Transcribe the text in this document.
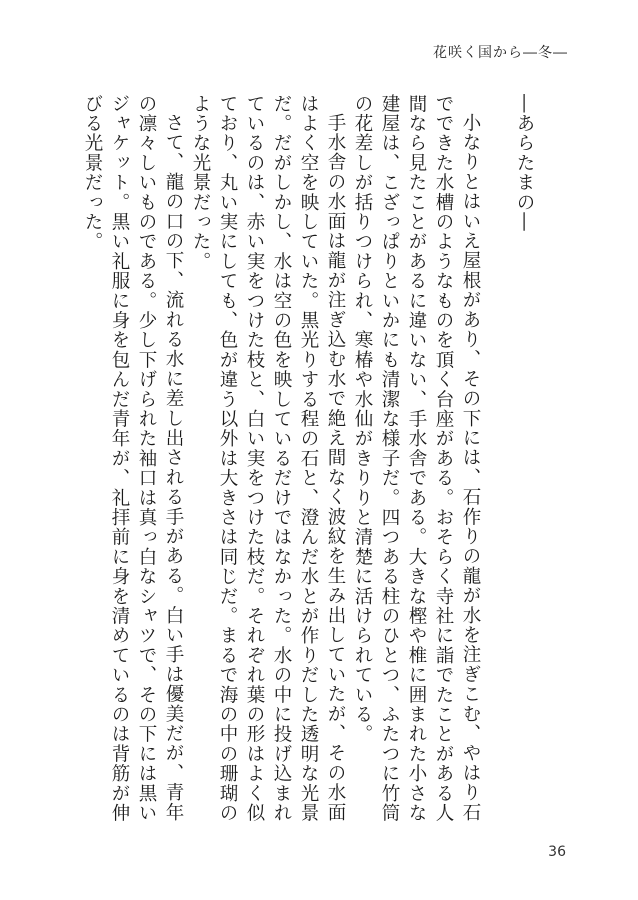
花咲く国から―冬―

―あらたまの―

小なりとはいえ屋根があり、その下には、石作りの龍が水を注ぎこむ、やはり石でできた水槽のようなものを頂く台座がある。おそらく寺社に詣でたことがある人間なら見たことがあるに違いない、手水舎である。大きな樫や椎に囲まれた小さな建屋は、こざっぱりといかにも清潔な様子だ。四つある柱のひとつ、ふたつに竹筒の花差しが括りつけられ、寒椿や水仙がきりりと清楚に活けられている。

手水舎の水面は龍が注ぎ込む水で絶え間なく波紋を生み出していたが、その水面はよく空を映していた。黒光りする程の石と、澄んだ水とが作りだした透明な光景だ。だがしかし、水は空の色を映しているだけではなかった。水の中に投げ込まれているのは、赤い実をつけた枝と、白い実をつけた枝だ。それぞれ葉の形はよく似ており、丸い実にしても、色が違う以外は大きさは同じだ。まるで海の中の珊瑚のような光景だった。

さて、龍の口の下、流れる水に差し出される手がある。白い手は優美だが、青年の凛々しいものである。少し下げられた袖口は真っ白なシャツで、その下には黒いジャケット。黒い礼服に身を包んだ青年が、礼拝前に身を清めているのは背筋が伸びる光景だった。

36
